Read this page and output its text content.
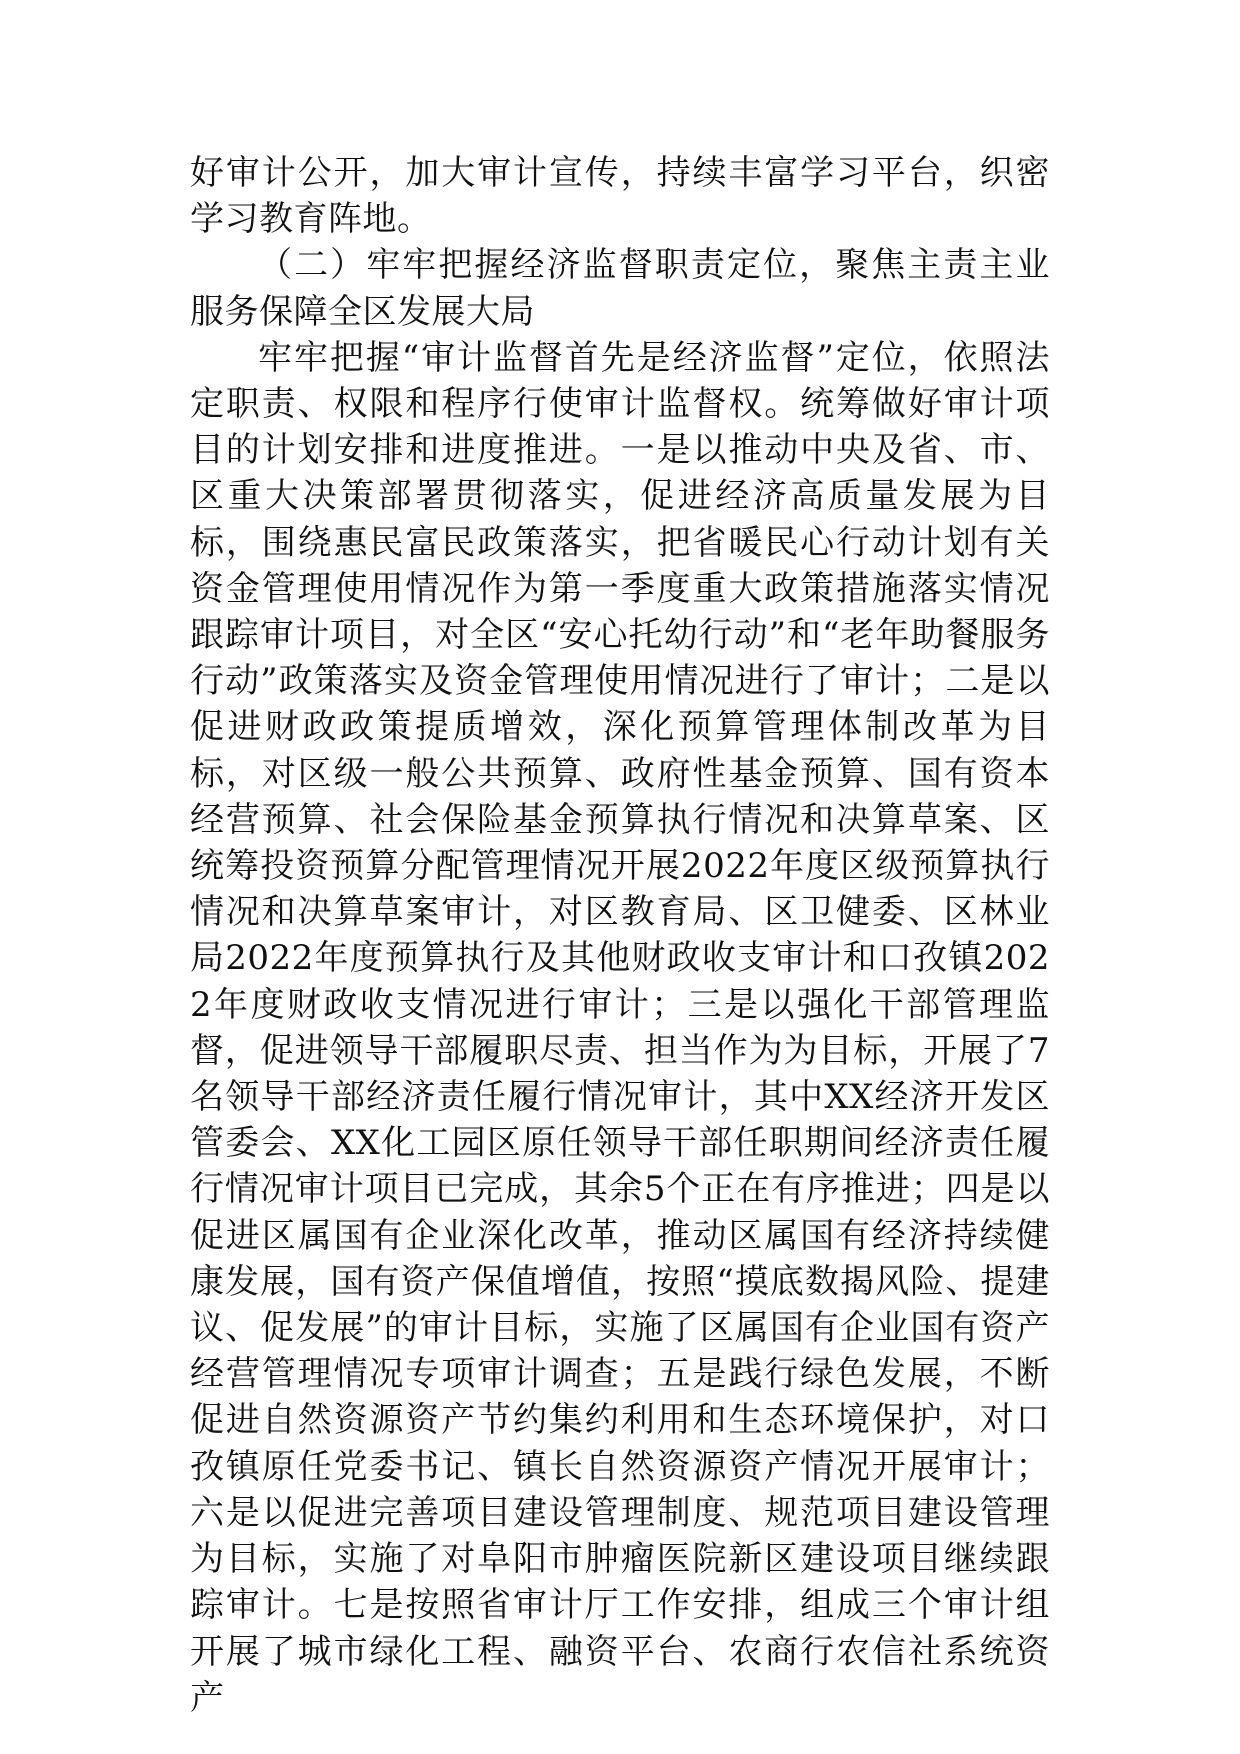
好审计公开，加大审计宣传，持续丰富学习平台，织密学习教育阵地。

（二）牢牢把握经济监督职责定位，聚焦主责主业服务保障全区发展大局

牢牢把握“审计监督首先是经济监督”定位，依照法定职责、权限和程序行使审计监督权。统筹做好审计项目的计划安排和进度推进。一是以推动中央及省、市、区重大决策部署贯彻落实，促进经济高质量发展为目标，围绕惠民富民政策落实，把省暖民心行动计划有关资金管理使用情况作为第一季度重大政策措施落实情况跟踪审计项目，对全区“安心托幼行动”和“老年助餐服务行动”政策落实及资金管理使用情况进行了审计；二是以促进财政政策提质增效，深化预算管理体制改革为目标，对区级一般公共预算、政府性基金预算、国有资本经营预算、社会保险基金预算执行情况和决算草案、区统筹投资预算分配管理情况开展2022年度区级预算执行情况和决算草案审计，对区教育局、区卫健委、区林业局2022年度预算执行及其他财政收支审计和口孜镇2022年度财政收支情况进行审计；三是以强化干部管理监督，促进领导干部履职尽责、担当作为为目标，开展了7名领导干部经济责任履行情况审计，其中XX经济开发区管委会、XX化工园区原任领导干部任职期间经济责任履行情况审计项目已完成，其余5个正在有序推进；四是以促进区属国有企业深化改革，推动区属国有经济持续健康发展，国有资产保值增值，按照“摸底数揭风险、提建议、促发展”的审计目标，实施了区属国有企业国有资产经营管理情况专项审计调查；五是践行绿色发展，不断促进自然资源资产节约集约利用和生态环境保护，对口孜镇原任党委书记、镇长自然资源资产情况开展审计；六是以促进完善项目建设管理制度、规范项目建设管理为目标，实施了对阜阳市肿瘤医院新区建设项目继续跟踪审计。七是按照省审计厅工作安排，组成三个审计组开展了城市绿化工程、融资平台、农商行农信社系统资产
